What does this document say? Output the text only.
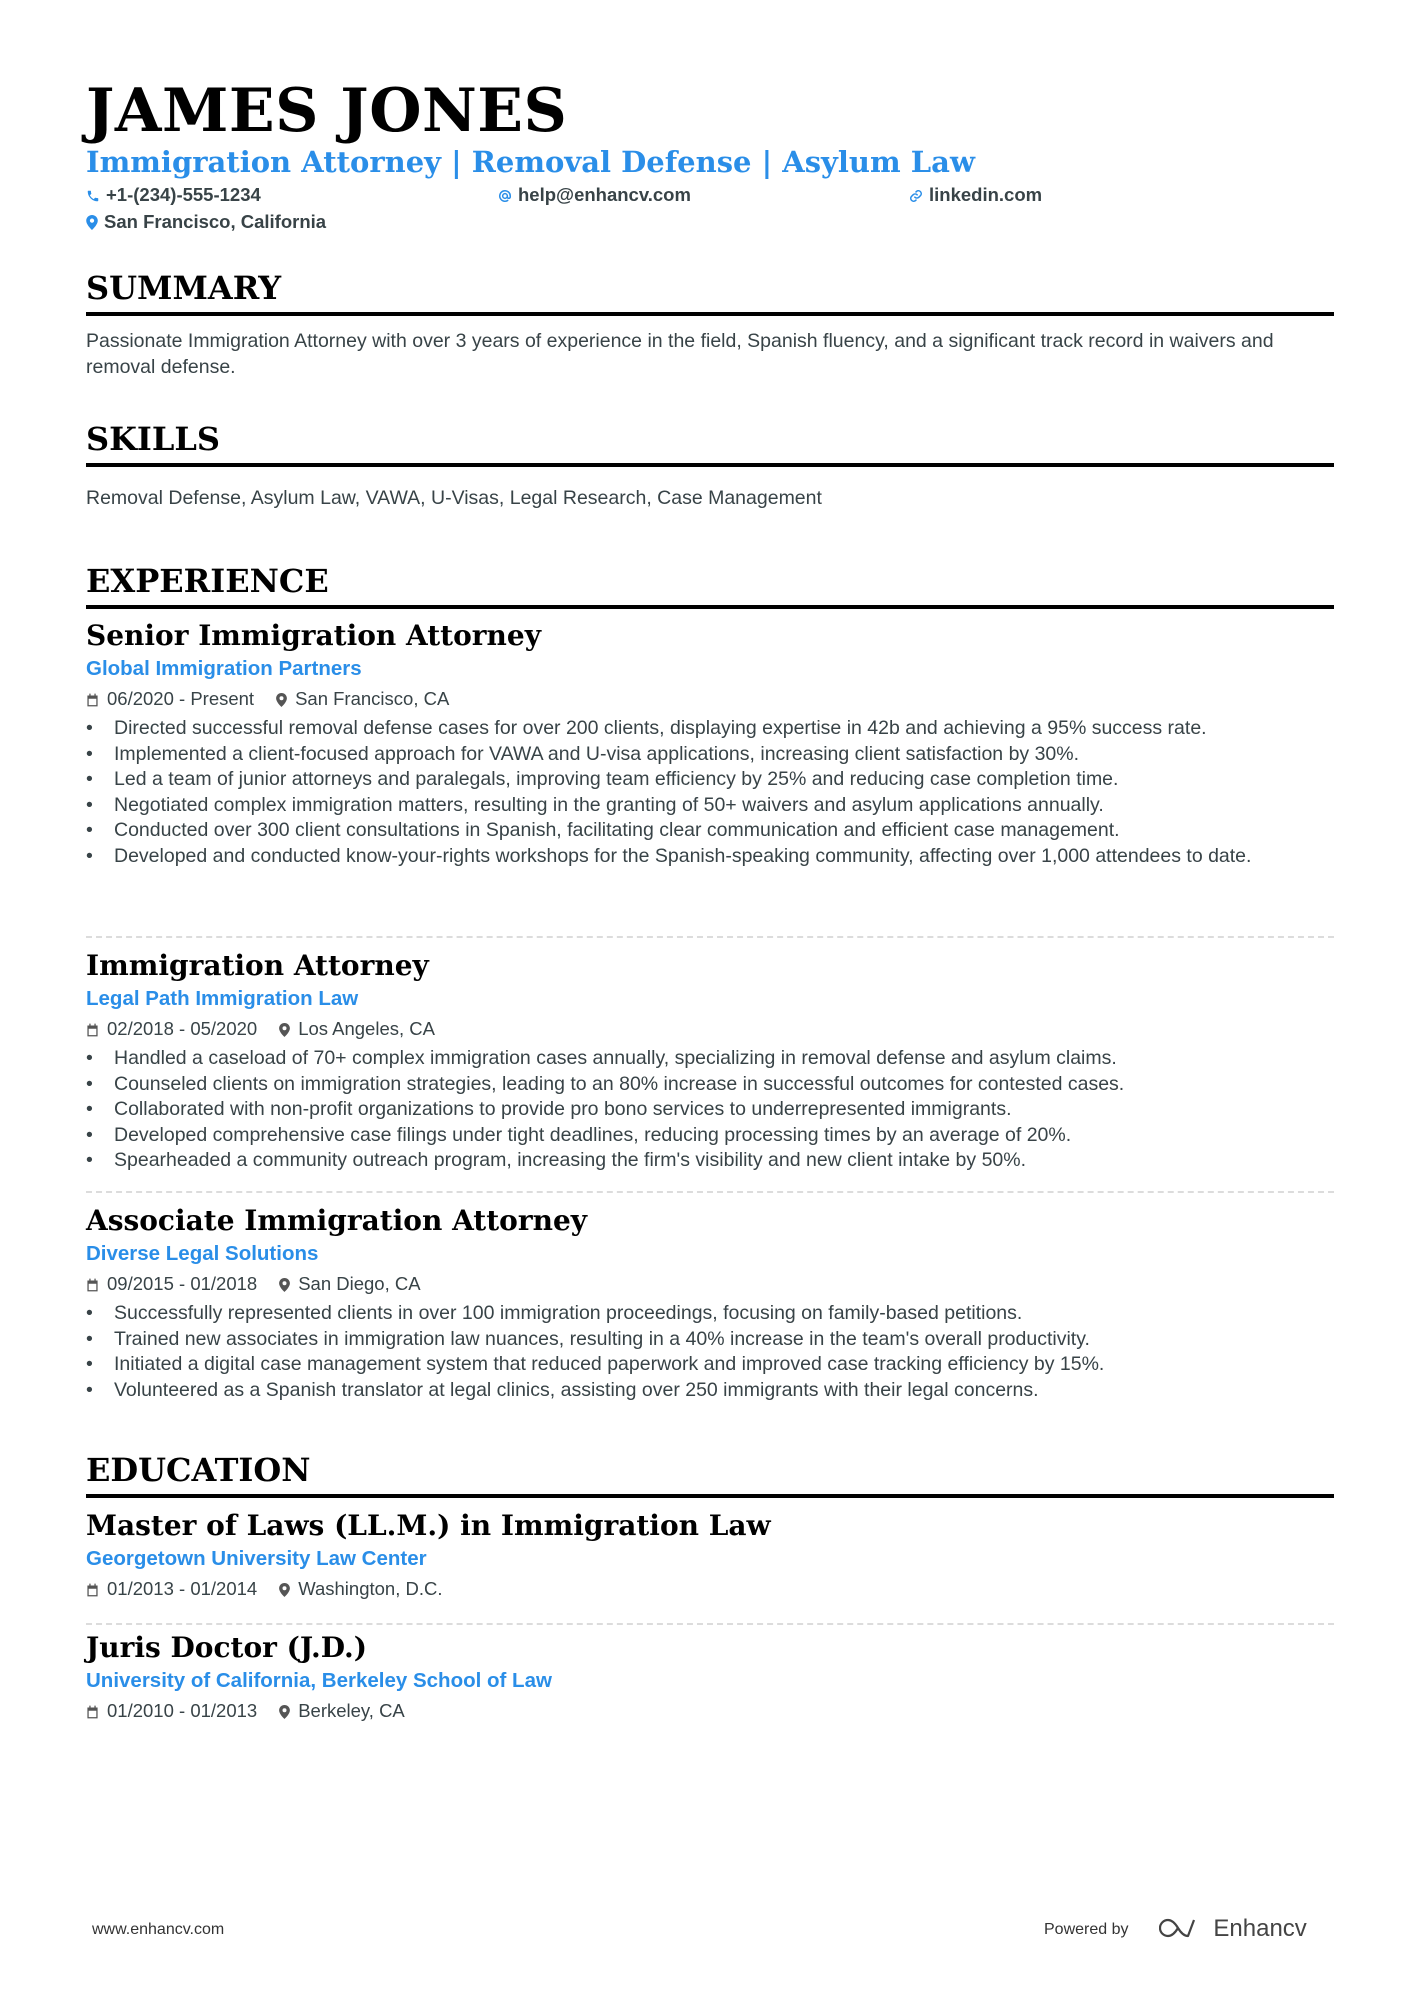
JAMES JONES
Immigration Attorney | Removal Defense | Asylum Law
+1-(234)-555-1234	help@enhancv.com	linkedin.com
San Francisco, California
SUMMARY
Passionate Immigration Attorney with over 3 years of experience in the field, Spanish fluency, and a significant track record in waivers and removal defense.
SKILLS
Removal Defense, Asylum Law, VAWA, U-Visas, Legal Research, Case Management
EXPERIENCE
Senior Immigration Attorney
Global Immigration Partners
06/2020 - Present San Francisco, CA
• Directed successful removal defense cases for over 200 clients, displaying expertise in 42b and achieving a 95% success rate.
• Implemented a client-focused approach for VAWA and U-visa applications, increasing client satisfaction by 30%.
• Led a team of junior attorneys and paralegals, improving team efficiency by 25% and reducing case completion time.
• Negotiated complex immigration matters, resulting in the granting of 50+ waivers and asylum applications annually.
• Conducted over 300 client consultations in Spanish, facilitating clear communication and efficient case management.
• Developed and conducted know-your-rights workshops for the Spanish-speaking community, affecting over 1,000 attendees to date.
Immigration Attorney
Legal Path Immigration Law
02/2018 - 05/2020 Los Angeles, CA
• Handled a caseload of 70+ complex immigration cases annually, specializing in removal defense and asylum claims.
• Counseled clients on immigration strategies, leading to an 80% increase in successful outcomes for contested cases.
• Collaborated with non-profit organizations to provide pro bono services to underrepresented immigrants.
• Developed comprehensive case filings under tight deadlines, reducing processing times by an average of 20%.
• Spearheaded a community outreach program, increasing the firm's visibility and new client intake by 50%.
Associate Immigration Attorney
Diverse Legal Solutions
09/2015 - 01/2018 San Diego, CA
• Successfully represented clients in over 100 immigration proceedings, focusing on family-based petitions.
• Trained new associates in immigration law nuances, resulting in a 40% increase in the team's overall productivity.
• Initiated a digital case management system that reduced paperwork and improved case tracking efficiency by 15%.
• Volunteered as a Spanish translator at legal clinics, assisting over 250 immigrants with their legal concerns.
EDUCATION
Master of Laws (LL.M.) in Immigration Law
Georgetown University Law Center
01/2013 - 01/2014 Washington, D.C.
Juris Doctor (J.D.)
University of California, Berkeley School of Law
01/2010 - 01/2013 Berkeley, CA
www.enhancv.com	Powered by	Enhancv
